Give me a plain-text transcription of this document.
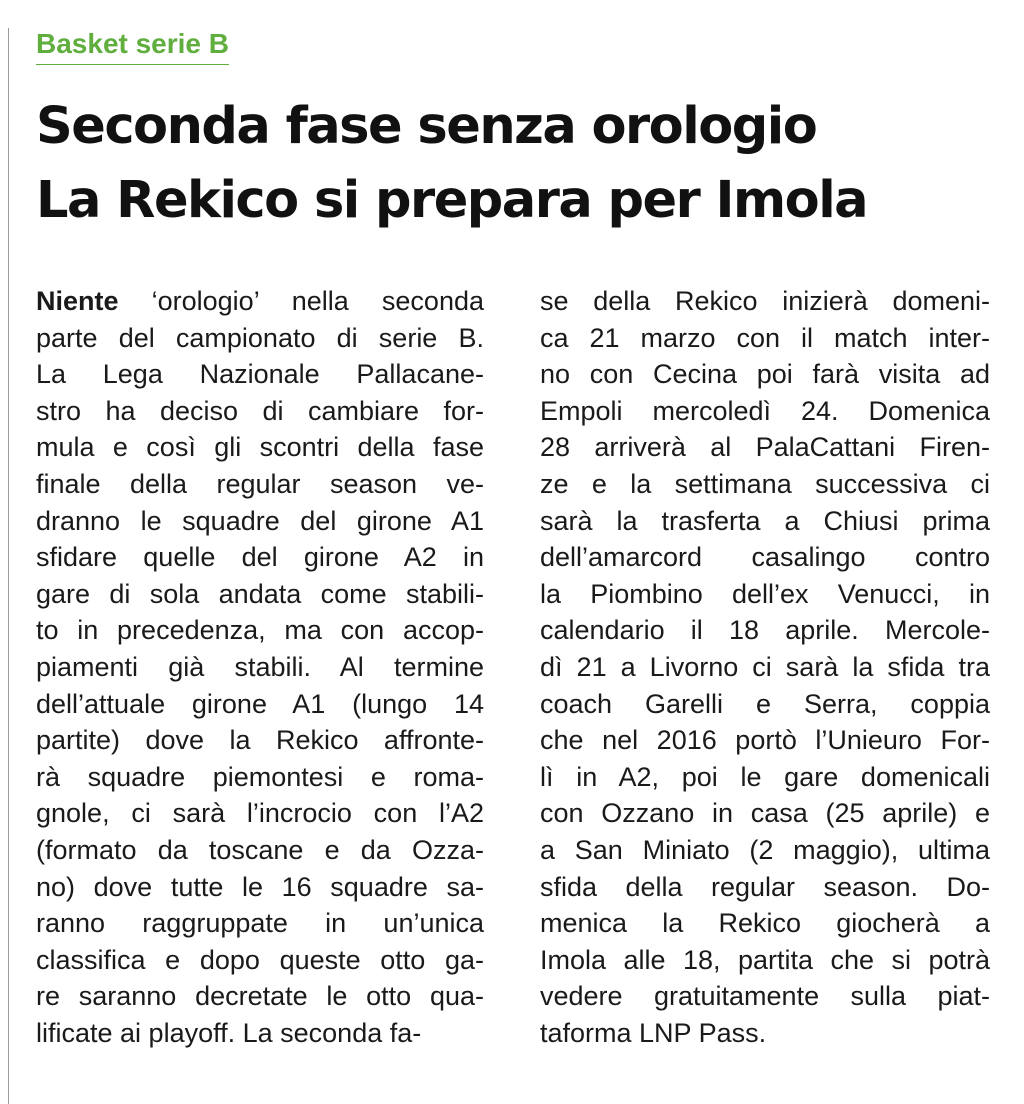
Basket serie B
Seconda fase senza orologio
La Rekico si prepara per Imola
Niente ‘orologio’ nella seconda
parte del campionato di serie B.
La Lega Nazionale Pallacane-
stro ha deciso di cambiare for-
mula e così gli scontri della fase
finale della regular season ve-
dranno le squadre del girone A1
sfidare quelle del girone A2 in
gare di sola andata come stabili-
to in precedenza, ma con accop-
piamenti già stabili. Al termine
dell’attuale girone A1 (lungo 14
partite) dove la Rekico affronte-
rà squadre piemontesi e roma-
gnole, ci sarà l’incrocio con l’A2
(formato da toscane e da Ozza-
no) dove tutte le 16 squadre sa-
ranno raggruppate in un’unica
classifica e dopo queste otto ga-
re saranno decretate le otto qua-
lificate ai playoff. La seconda fa-
se della Rekico inizierà domeni-
ca 21 marzo con il match inter-
no con Cecina poi farà visita ad
Empoli mercoledì 24. Domenica
28 arriverà al PalaCattani Firen-
ze e la settimana successiva ci
sarà la trasferta a Chiusi prima
dell’amarcord casalingo contro
la Piombino dell’ex Venucci, in
calendario il 18 aprile. Mercole-
dì 21 a Livorno ci sarà la sfida tra
coach Garelli e Serra, coppia
che nel 2016 portò l’Unieuro For-
lì in A2, poi le gare domenicali
con Ozzano in casa (25 aprile) e
a San Miniato (2 maggio), ultima
sfida della regular season. Do-
menica la Rekico giocherà a
Imola alle 18, partita che si potrà
vedere gratuitamente sulla piat-
taforma LNP Pass.
